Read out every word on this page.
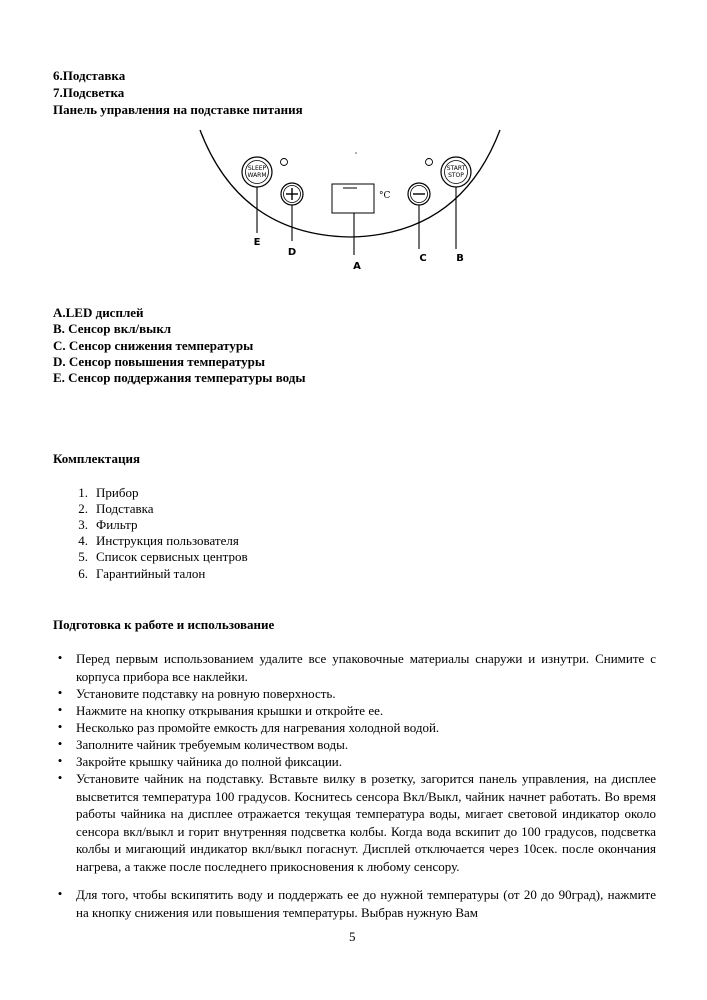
6.Подставка
7.Подсветка
Панель управления на подставке питания
SLEEP
WARM
°C
START
STOP
E
D
A
C	B
A.LED дисплей
B. Сенсор вкл/выкл
C. Сенсор снижения температуры
D. Сенсор повышения температуры
E. Сенсор поддержания температуры воды
Комплектация
1. Прибор
2. Подставка
3. Фильтр
4. Инструкция пользователя
5. Список сервисных центров
6. Гарантийный талон
Подготовка к работе и использование
• Перед первым использованием удалите все упаковочные материалы снаружи и изнутри. Снимите с корпуса прибора все наклейки.
• Установите подставку на ровную поверхность.
• Нажмите на кнопку открывания крышки и откройте ее.
• Несколько раз промойте емкость для нагревания холодной водой.
• Заполните чайник требуемым количеством воды.
• Закройте крышку чайника до полной фиксации.
• Установите чайник на подставку. Вставьте вилку в розетку, загорится панель управления, на дисплее высветится температура 100 градусов. Коснитесь сенсора Вкл/Выкл, чайник начнет работать. Во время работы чайника на дисплее отражается текущая температура воды, мигает световой индикатор около сенсора вкл/выкл и горит внутренняя подсветка колбы. Когда вода вскипит до 100 градусов, подсветка колбы и мигающий индикатор вкл/выкл погаснут. Дисплей отключается через 10сек. после окончания нагрева, а также после последнего прикосновения к любому сенсору.
• Для того, чтобы вскипятить воду и поддержать ее до нужной температуры (от 20 до 90град), нажмите на кнопку снижения или повышения температуры. Выбрав нужную Вам
5
